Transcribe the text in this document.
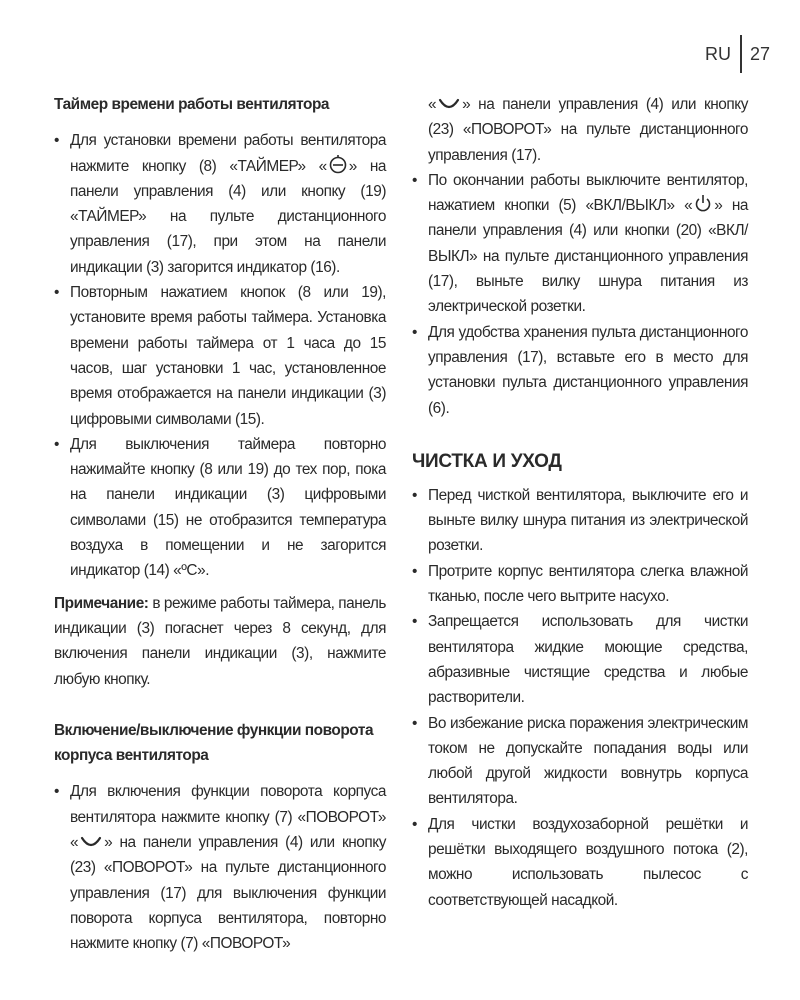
RU	27
Таймер времени работы вентилятора
• Для установки времени работы вентилятора нажмите кнопку (8) «ТАЙМЕР» « » на панели управления (4) или кнопку (19) «ТАЙМЕР» на пульте дистанционного управления (17), при этом на панели индикации (3) загорится индикатор (16).
• Повторным нажатием кнопок (8 или 19), установите время работы таймера. Установка времени работы таймера от 1 часа до 15 часов, шаг установки 1 час, установленное время отображается на панели индикации (3) цифровыми символами (15).
• Для выключения таймера повторно нажимайте кнопку (8 или 19) до тех пор, пока на панели индикации (3) цифровыми символами (15) не отобразится температура воздуха в помещении и не загорится индикатор (14) «ºС».
Примечание: в режиме работы таймера, панель индикации (3) погаснет через 8 секунд, для включения панели индикации (3), нажмите любую кнопку.
Включение/выключение функции поворота корпуса вентилятора
• Для включения функции поворота корпуса вентилятора нажмите кнопку (7) «ПОВОРОТ» « » на панели управления (4) или кнопку (23) «ПОВОРОТ» на пульте дистанционного управления (17) для выключения функции поворота корпуса вентилятора, повторно нажмите кнопку (7) «ПОВОРОТ»
« » на панели управления (4) или кнопку (23) «ПОВОРОТ» на пульте дистанционного управления (17).
• По окончании работы выключите вентилятор, нажатием кнопки (5) «ВКЛ/ВЫКЛ» « » на панели управления (4) или кнопки (20) «ВКЛ/ВЫКЛ» на пульте дистанционного управления (17), выньте вилку шнура питания из электрической розетки.
• Для удобства хранения пульта дистанционного управления (17), вставьте его в место для установки пульта дистанционного управления (6).
ЧИСТКА И УХОД
• Перед чисткой вентилятора, выключите его и выньте вилку шнура питания из электрической розетки.
• Протрите корпус вентилятора слегка влажной тканью, после чего вытрите насухо.
• Запрещается использовать для чистки вентилятора жидкие моющие средства, абразивные чистящие средства и любые растворители.
• Во избежание риска поражения электрическим током не допускайте попадания воды или любой другой жидкости вовнутрь корпуса вентилятора.
• Для чистки воздухозаборной решётки и решётки выходящего воздушного потока (2), можно использовать пылесос с соответствующей насадкой.
